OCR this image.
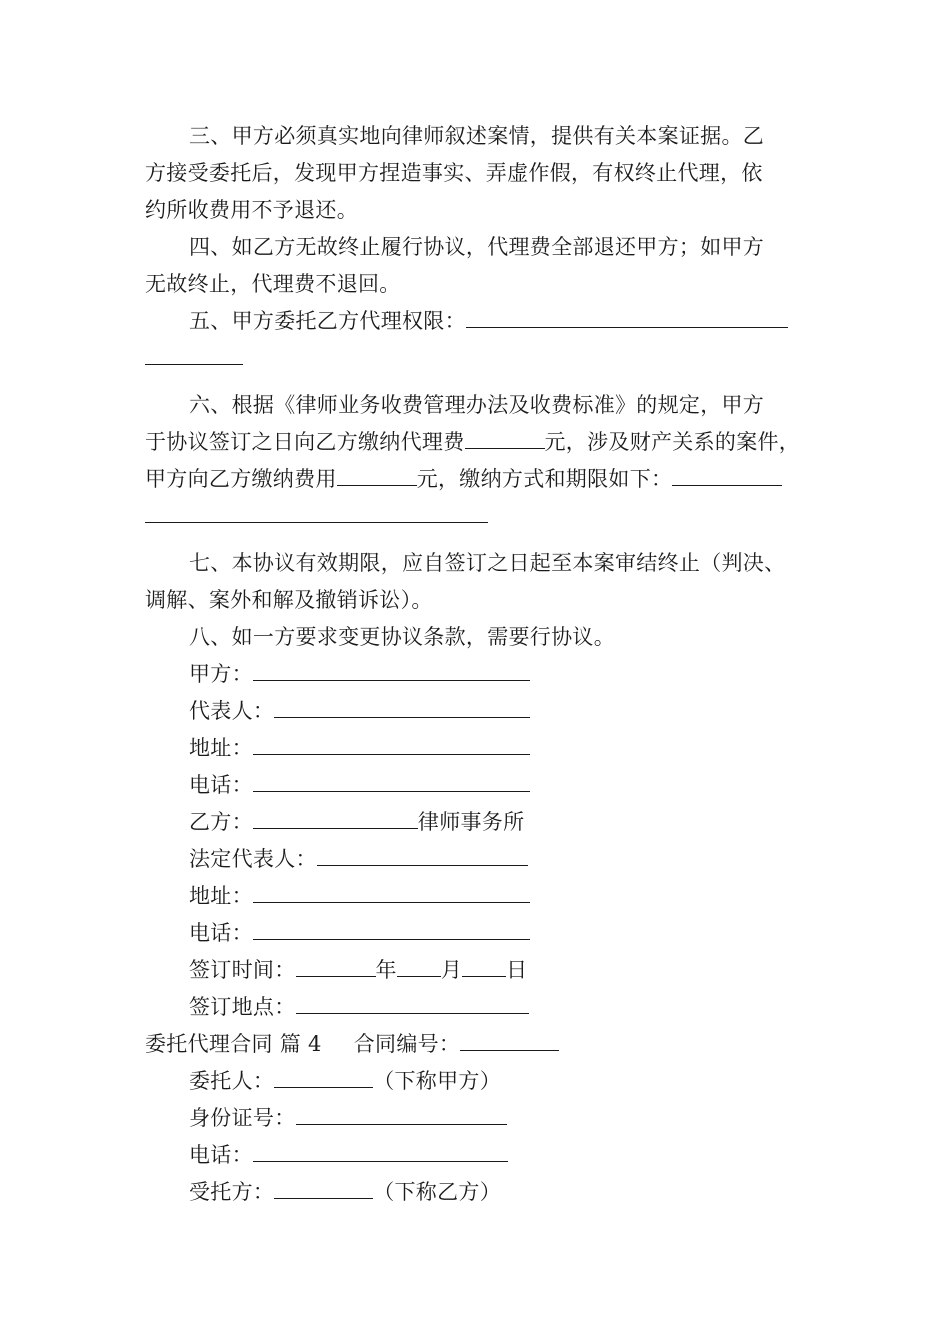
三、甲方必须真实地向律师叙述案情，提供有关本案证据。乙
方接受委托后，发现甲方捏造事实、弄虚作假，有权终止代理，依
约所收费用不予退还。
四、如乙方无故终止履行协议，代理费全部退还甲方；如甲方
无故终止，代理费不退回。
五、甲方委托乙方代理权限：
六、根据《律师业务收费管理办法及收费标准》的规定，甲方
于协议签订之日向乙方缴纳代理费	元，涉及财产关系的案件，
甲方向乙方缴纳费用	元，缴纳方式和期限如下：
七、本协议有效期限，应自签订之日起至本案审结终止（判决、
调解、案外和解及撤销诉讼）。
八、如一方要求变更协议条款，需要行协议。
甲方：
代表人：
地址：
电话：
乙方：	律师事务所
法定代表人：
地址：
电话：
签订时间：	年 月 日
签订地点：
委托代理合同 篇 4 合同编号：
委托人：	（下称甲方）
身份证号：
电话：
受托方：	（下称乙方）
